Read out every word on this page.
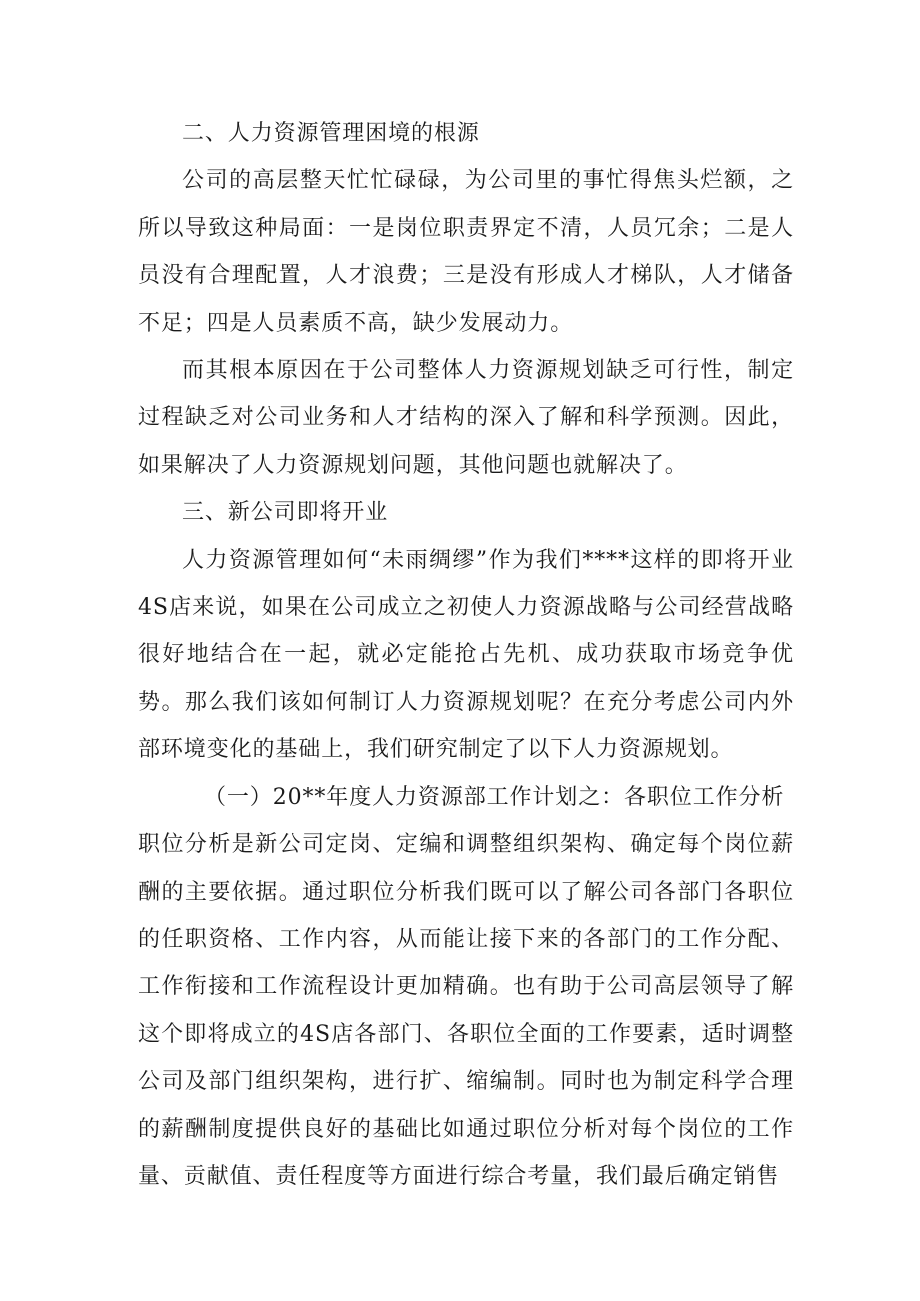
二、人力资源管理困境的根源

公司的高层整天忙忙碌碌，为公司里的事忙得焦头烂额，之所以导致这种局面：一是岗位职责界定不清，人员冗余；二是人员没有合理配置，人才浪费；三是没有形成人才梯队，人才储备不足；四是人员素质不高，缺少发展动力。

而其根本原因在于公司整体人力资源规划缺乏可行性，制定过程缺乏对公司业务和人才结构的深入了解和科学预测。因此，如果解决了人力资源规划问题，其他问题也就解决了。

三、新公司即将开业

人力资源管理如何“未雨绸缪”作为我们****这样的即将开业4S店来说，如果在公司成立之初使人力资源战略与公司经营战略很好地结合在一起，就必定能抢占先机、成功获取市场竞争优势。那么我们该如何制订人力资源规划呢？在充分考虑公司内外部环境变化的基础上，我们研究制定了以下人力资源规划。

（一）20**年度人力资源部工作计划之：各职位工作分析

职位分析是新公司定岗、定编和调整组织架构、确定每个岗位薪酬的主要依据。通过职位分析我们既可以了解公司各部门各职位的任职资格、工作内容，从而能让接下来的各部门的工作分配、工作衔接和工作流程设计更加精确。也有助于公司高层领导了解这个即将成立的4S店各部门、各职位全面的工作要素，适时调整公司及部门组织架构，进行扩、缩编制。同时也为制定科学合理的薪酬制度提供良好的基础比如通过职位分析对每个岗位的工作量、贡献值、责任程度等方面进行综合考量，我们最后确定销售
